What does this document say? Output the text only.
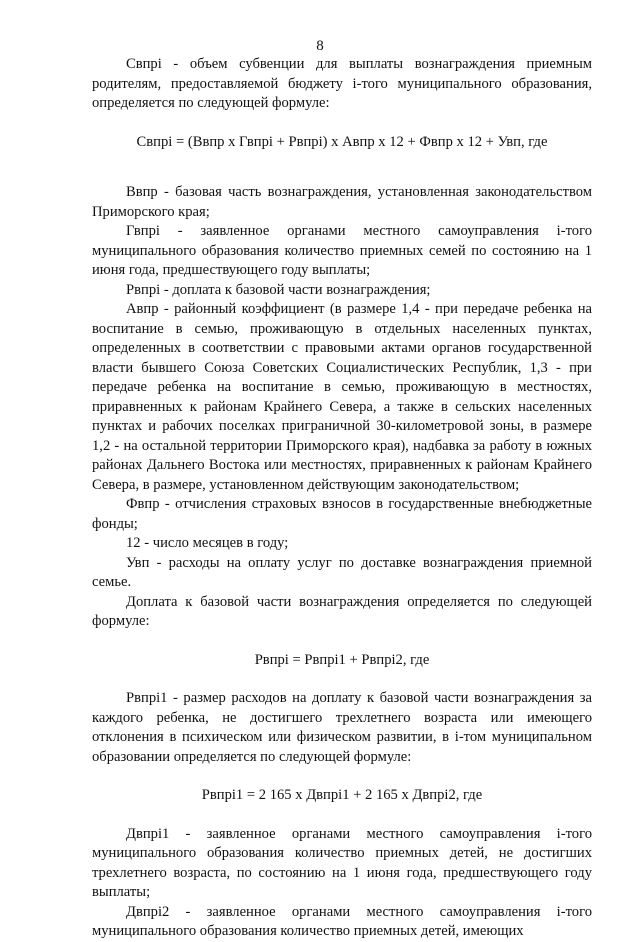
8

Свпрi - объем субвенции для выплаты вознаграждения приемным родителям, предоставляемой бюджету i-того муниципального образования, определяется по следующей формуле:

Свпрi = (Ввпр х Гвпрi + Рвпрi) х Авпр х 12 + Фвпр х 12 + Увп, где

Ввпр - базовая часть вознаграждения, установленная законодательством Приморского края;

Гвпрi - заявленное органами местного самоуправления i-того муниципального образования количество приемных семей по состоянию на 1 июня года, предшествующего году выплаты;

Рвпрi - доплата к базовой части вознаграждения;

Авпр - районный коэффициент (в размере 1,4 - при передаче ребенка на воспитание в семью, проживающую в отдельных населенных пунктах, определенных в соответствии с правовыми актами органов государственной власти бывшего Союза Советских Социалистических Республик, 1,3 - при передаче ребенка на воспитание в семью, проживающую в местностях, приравненных к районам Крайнего Севера, а также в сельских населенных пунктах и рабочих поселках приграничной 30-километровой зоны, в размере 1,2 - на остальной территории Приморского края), надбавка за работу в южных районах Дальнего Востока или местностях, приравненных к районам Крайнего Севера, в размере, установленном действующим законодательством;

Фвпр - отчисления страховых взносов в государственные внебюджетные фонды;

12 - число месяцев в году;

Увп - расходы на оплату услуг по доставке вознаграждения приемной семье.

Доплата к базовой части вознаграждения определяется по следующей формуле:

Рвпрi = Рвпрi1 + Рвпрi2, где

Рвпрi1 - размер расходов на доплату к базовой части вознаграждения за каждого ребенка, не достигшего трехлетнего возраста или имеющего отклонения в психическом или физическом развитии, в i-том муниципальном образовании определяется по следующей формуле:

Рвпрi1 = 2 165 х Двпрi1 + 2 165 х Двпрi2, где

Двпрi1 - заявленное органами местного самоуправления i-того муниципального образования количество приемных детей, не достигших трехлетнего возраста, по состоянию на 1 июня года, предшествующего году выплаты;

Двпрi2 - заявленное органами местного самоуправления i-того муниципального образования количество приемных детей, имеющих
